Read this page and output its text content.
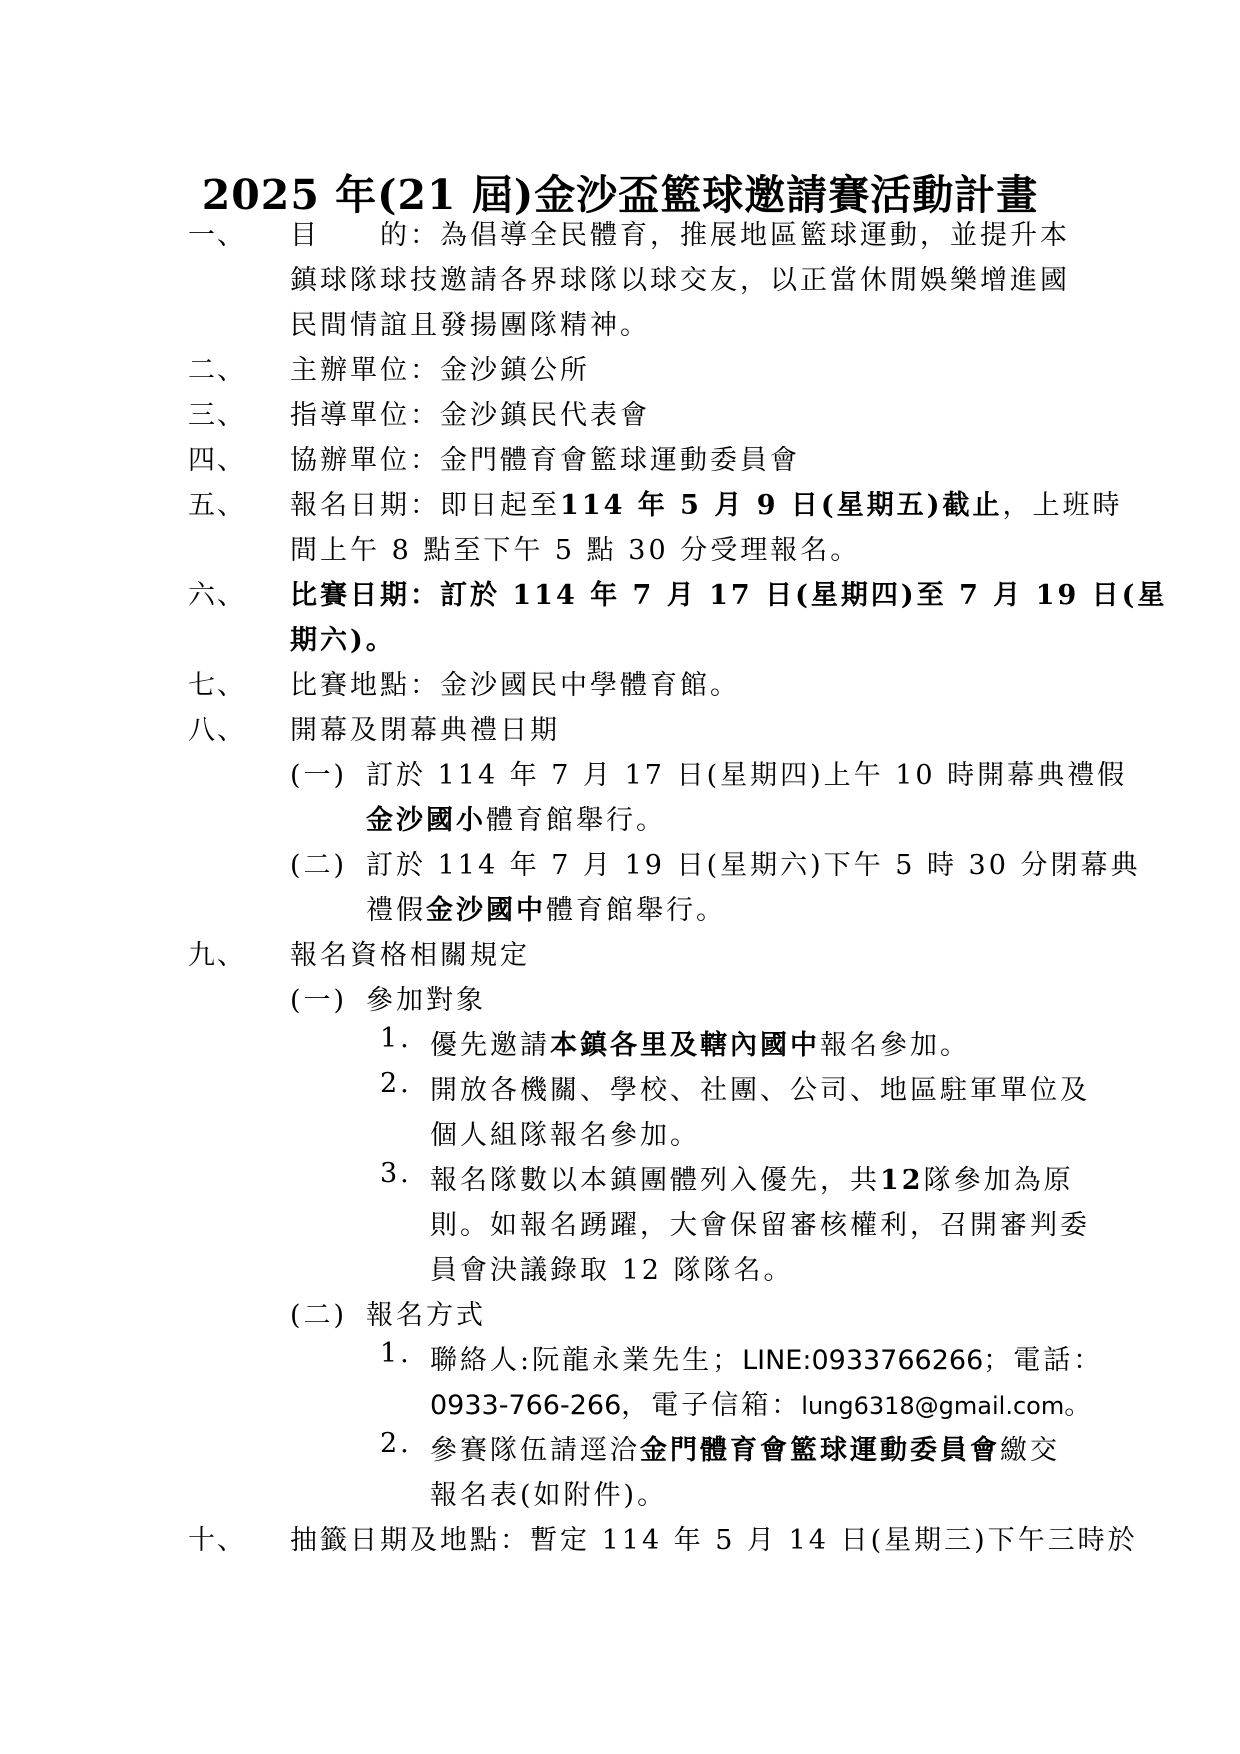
2025 年(21 屆)金沙盃籃球邀請賽活動計畫
一、 目　　的：為倡導全民體育，推展地區籃球運動，並提升本
鎮球隊球技邀請各界球隊以球交友，以正當休閒娛樂增進國
民間情誼且發揚團隊精神。
二、 主辦單位：金沙鎮公所
三、 指導單位：金沙鎮民代表會
四、 協辦單位：金門體育會籃球運動委員會
五、 報名日期：即日起至114 年 5 月 9 日(星期五)截止，上班時
間上午 8 點至下午 5 點 30 分受理報名。
六、 比賽日期：訂於 114 年 7 月 17 日(星期四)至 7 月 19 日(星
期六)。
七、 比賽地點：金沙國民中學體育館。
八、 開幕及閉幕典禮日期
(一) 訂於 114 年 7 月 17 日(星期四)上午 10 時開幕典禮假
金沙國小體育館舉行。
(二) 訂於 114 年 7 月 19 日(星期六)下午 5 時 30 分閉幕典
禮假金沙國中體育館舉行。
九、 報名資格相關規定
(一) 參加對象
1. 優先邀請本鎮各里及轄內國中報名參加。
2. 開放各機關、學校、社團、公司、地區駐軍單位及
個人組隊報名參加。
3. 報名隊數以本鎮團體列入優先，共12隊參加為原
則。如報名踴躍，大會保留審核權利，召開審判委
員會決議錄取 12 隊隊名。
(二) 報名方式
1. 聯絡人:阮龍永業先生；LINE:0933766266；電話：
0933-766-266，電子信箱：lung6318@gmail.com。
2. 參賽隊伍請逕洽金門體育會籃球運動委員會繳交
報名表(如附件)。
十、 抽籤日期及地點：暫定 114 年 5 月 14 日(星期三)下午三時於
